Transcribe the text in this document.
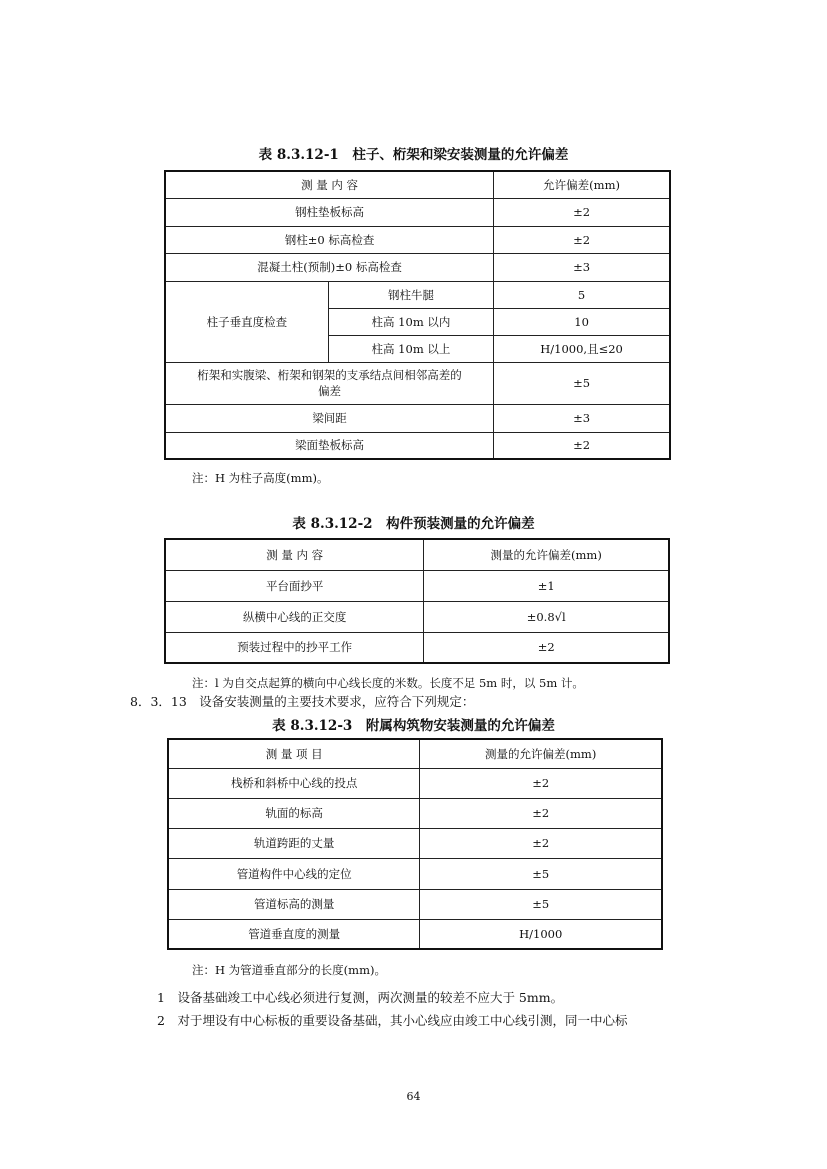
表 8.3.12-1　柱子、桁架和梁安装测量的允许偏差
测 量 内 容		允许偏差(mm)
钢柱垫板标高		±2
钢柱±0 标高检查		±2
混凝土柱(预制)±0 标高检查		±3
柱子垂直度检查	钢柱牛腿	5
	柱高 10m 以内	10
	柱高 10m 以上	H/1000,且≤20
桁架和实腹梁、桁架和钢架的支承结点间相邻高差的偏差		±5
梁间距		±3
梁面垫板标高		±2
注：H 为柱子高度(mm)。
表 8.3.12-2　构件预装测量的允许偏差
测 量 内 容	测量的允许偏差(mm)
平台面抄平	±1
纵横中心线的正交度	±0.8√l
预装过程中的抄平工作	±2
注：l 为自交点起算的横向中心线长度的米数。长度不足 5m 时，以 5m 计。
8．3．13　设备安装测量的主要技术要求，应符合下列规定：
表 8.3.12-3　附属构筑物安装测量的允许偏差
测 量 项 目	测量的允许偏差(mm)
栈桥和斜桥中心线的投点	±2
轨面的标高	±2
轨道跨距的丈量	±2
管道构件中心线的定位	±5
管道标高的测量	±5
管道垂直度的测量	H/1000
注：H 为管道垂直部分的长度(mm)。
1　设备基础竣工中心线必须进行复测，两次测量的较差不应大于 5mm。
2　对于埋设有中心标板的重要设备基础，其小心线应由竣工中心线引测，同一中心标
64
